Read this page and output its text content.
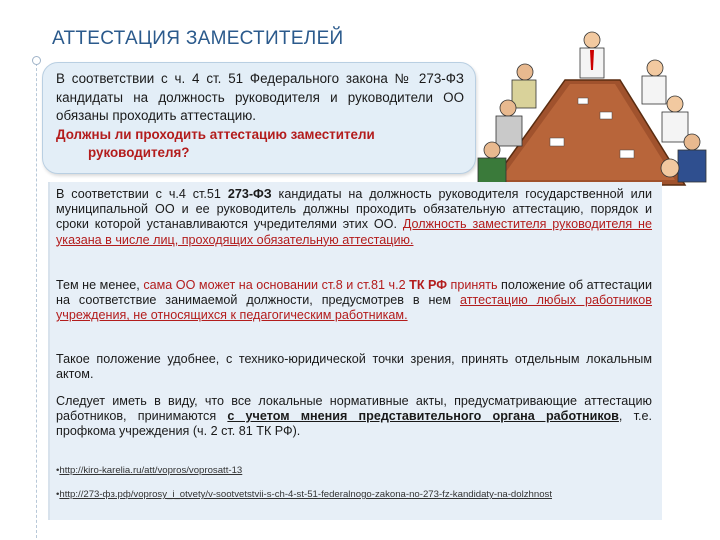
АТТЕСТАЦИЯ ЗАМЕСТИТЕЛЕЙ
В соответствии с ч. 4 ст. 51 Федерального закона № 273-ФЗ кандидаты на должность руководителя и руководители ОО обязаны проходить аттестацию.
Должны ли проходить аттестацию заместители
руководителя?
В соответствии с ч.4 ст.51 273-ФЗ кандидаты на должность руководителя государственной или муниципальной ОО и ее руководитель должны проходить обязательную аттестацию, порядок и сроки которой устанавливаются учредителями этих ОО. Должность заместителя руководителя не указана в числе лиц, проходящих обязательную аттестацию.
Тем не менее, сама ОО может на основании ст.8 и ст.81 ч.2 ТК РФ принять положение об аттестации на соответствие занимаемой должности, предусмотрев в нем аттестацию любых работников учреждения, не относящихся к педагогическим работникам.
Такое положение удобнее, с технико-юридической точки зрения, принять отдельным локальным актом.
Следует иметь в виду, что все локальные нормативные акты, предусматривающие аттестацию работников, принимаются с учетом мнения представительного органа работников, т.е. профкома учреждения (ч. 2 ст. 81 ТК РФ).
•http://kiro-karelia.ru/att/vopros/voprosatt-13
•http://273-фз.рф/voprosy_i_otvety/v-sootvetstvii-s-ch-4-st-51-federalnogo-zakona-no-273-fz-kandidaty-na-dolzhnost
